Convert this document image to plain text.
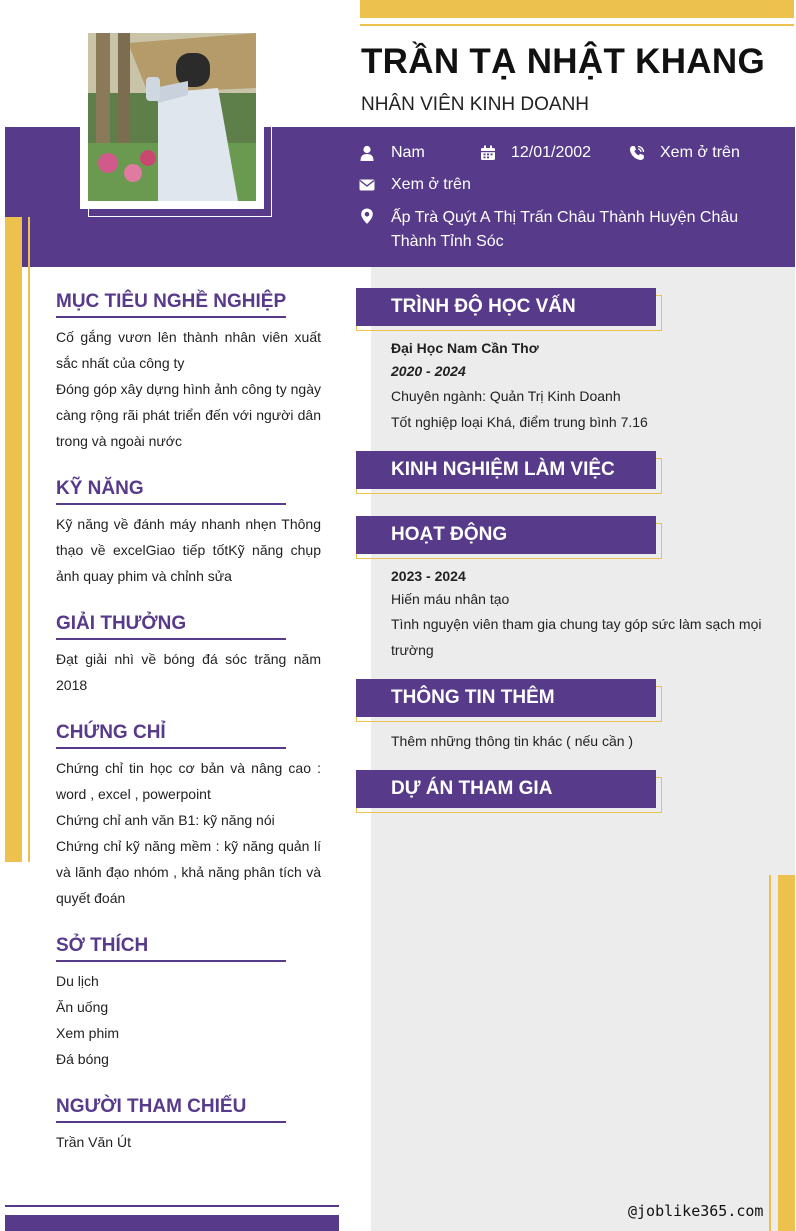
TRẦN TẠ NHẬT KHANG
NHÂN VIÊN KINH DOANH
Nam	12/01/2002	Xem ở trên
Xem ở trên
Ấp Trà Quýt A Thị Trấn Châu Thành Huyện Châu Thành Tỉnh Sóc
MỤC TIÊU NGHỀ NGHIỆP
Cố gắng vươn lên thành nhân viên xuất sắc nhất của công ty
Đóng góp xây dựng hình ảnh công ty ngày càng rộng rãi phát triển đến với người dân trong và ngoài nước
KỸ NĂNG
Kỹ năng về đánh máy nhanh nhẹn Thông thạo về excelGiao tiếp tốtKỹ năng chụp ảnh quay phim và chỉnh sửa
GIẢI THƯỞNG
Đạt giải nhì về bóng đá sóc trăng năm 2018
CHỨNG CHỈ
Chứng chỉ tin học cơ bản và nâng cao : word , excel , powerpoint
Chứng chỉ anh văn B1: kỹ năng nói
Chứng chỉ kỹ năng mềm : kỹ năng quản lí và lãnh đạo nhóm , khả năng phân tích và quyết đoán
SỞ THÍCH
Du lịch
Ăn uống
Xem phim
Đá bóng
NGƯỜI THAM CHIẾU
Trần Văn Út
TRÌNH ĐỘ HỌC VẤN
Đại Học Nam Cần Thơ
2020 - 2024
Chuyên ngành: Quản Trị Kinh Doanh
Tốt nghiệp loại Khá, điểm trung bình 7.16
KINH NGHIỆM LÀM VIỆC
HOẠT ĐỘNG
2023 - 2024
Hiến máu nhân tạo
Tình nguyện viên tham gia chung tay góp sức làm sạch mọi trường
THÔNG TIN THÊM
Thêm những thông tin khác ( nếu cần )
DỰ ÁN THAM GIA
@joblike365.com
